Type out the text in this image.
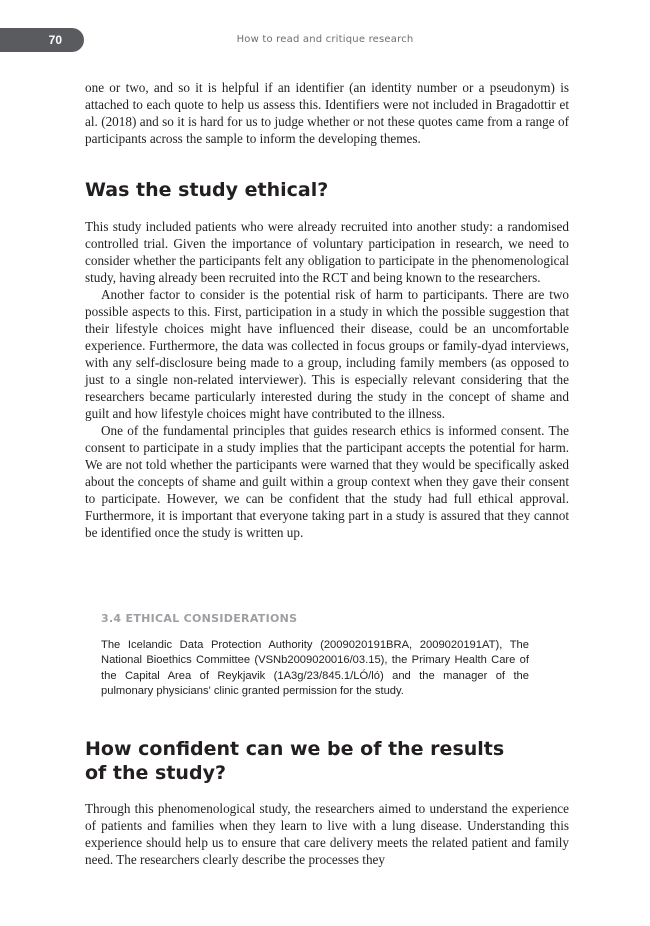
70	How to read and critique research

one or two, and so it is helpful if an identifier (an identity number or a pseudonym) is attached to each quote to help us assess this. Identifiers were not included in Bragadottir et al. (2018) and so it is hard for us to judge whether or not these quotes came from a range of participants across the sample to inform the developing themes.

Was the study ethical?

This study included patients who were already recruited into another study: a randomised controlled trial. Given the importance of voluntary participation in research, we need to consider whether the participants felt any obligation to participate in the phenomenological study, having already been recruited into the RCT and being known to the researchers.

Another factor to consider is the potential risk of harm to participants. There are two possible aspects to this. First, participation in a study in which the possible suggestion that their lifestyle choices might have influenced their disease, could be an uncomfortable experience. Furthermore, the data was collected in focus groups or family-dyad interviews, with any self-disclosure being made to a group, including family members (as opposed to just to a single non-related interviewer). This is especially relevant considering that the researchers became particularly interested during the study in the concept of shame and guilt and how lifestyle choices might have contributed to the illness.

One of the fundamental principles that guides research ethics is informed consent. The consent to participate in a study implies that the participant accepts the potential for harm. We are not told whether the participants were warned that they would be specifically asked about the concepts of shame and guilt within a group context when they gave their consent to participate. However, we can be confident that the study had full ethical approval. Furthermore, it is important that everyone taking part in a study is assured that they cannot be identified once the study is written up.

3.4 ETHICAL CONSIDERATIONS
The Icelandic Data Protection Authority (2009020191BRA, 2009020191AT), The National Bioethics Committee (VSNb2009020016/03.15), the Primary Health Care of the Capital Area of Reykjavik (1A3g/23/845.1/LÓ/ló) and the manager of the pulmonary physicians' clinic granted permission for the study.
How confident can we be of the results of the study?

Through this phenomenological study, the researchers aimed to understand the experience of patients and families when they learn to live with a lung disease. Understanding this experience should help us to ensure that care delivery meets the related patient and family need. The researchers clearly describe the processes they
